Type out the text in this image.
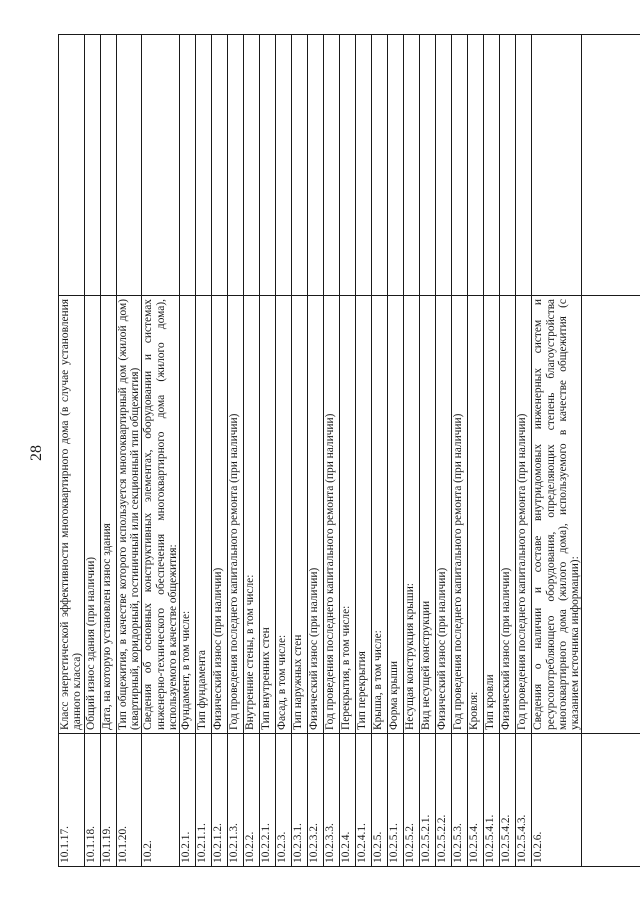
28
10.1.17.	Класс энергетической эффективности многоквартирного дома (в случае установления данного класса)	
10.1.18.	Общий износ здания (при наличии)	
10.1.19.	Дата, на которую установлен износ здания	
10.1.20.	Тип общежития, в качестве которого используется многоквартирный дом (жилой дом) (квартирный, коридорный, гостиничный или секционный тип общежития)	
10.2.	Сведения об основных конструктивных элементах, оборудовании и системах инженерно-технического обеспечения многоквартирного дома (жилого дома), используемого в качестве общежития:	
10.2.1.	Фундамент, в том числе:	
10.2.1.1.	Тип фундамента	
10.2.1.2.	Физический износ (при наличии)	
10.2.1.3.	Год проведения последнего капитального ремонта (при наличии)	
10.2.2.	Внутренние стены, в том числе:	
10.2.2.1.	Тип внутренних стен	
10.2.3.	Фасад, в том числе:	
10.2.3.1.	Тип наружных стен	
10.2.3.2.	Физический износ (при наличии)	
10.2.3.3.	Год проведения последнего капитального ремонта (при наличии)	
10.2.4.	Перекрытия, в том числе:	
10.2.4.1.	Тип перекрытия	
10.2.5.	Крыша, в том числе:	
10.2.5.1.	Форма крыши	
10.2.5.2.	Несущая конструкция крыши:	
10.2.5.2.1.	Вид несущей конструкции	
10.2.5.2.2.	Физический износ (при наличии)	
10.2.5.3.	Год проведения последнего капитального ремонта (при наличии)	
10.2.5.4.	Кровля:	
10.2.5.4.1.	Тип кровли	
10.2.5.4.2.	Физический износ (при наличии)	
10.2.5.4.3.	Год проведения последнего капитального ремонта (при наличии)	
10.2.6.	Сведения о наличии и составе внутридомовых инженерных систем и ресурсопотребляющего оборудования, определяющих степень благоустройства многоквартирного дома (жилого дома), используемого в качестве общежития (с указанием источника информации):	
